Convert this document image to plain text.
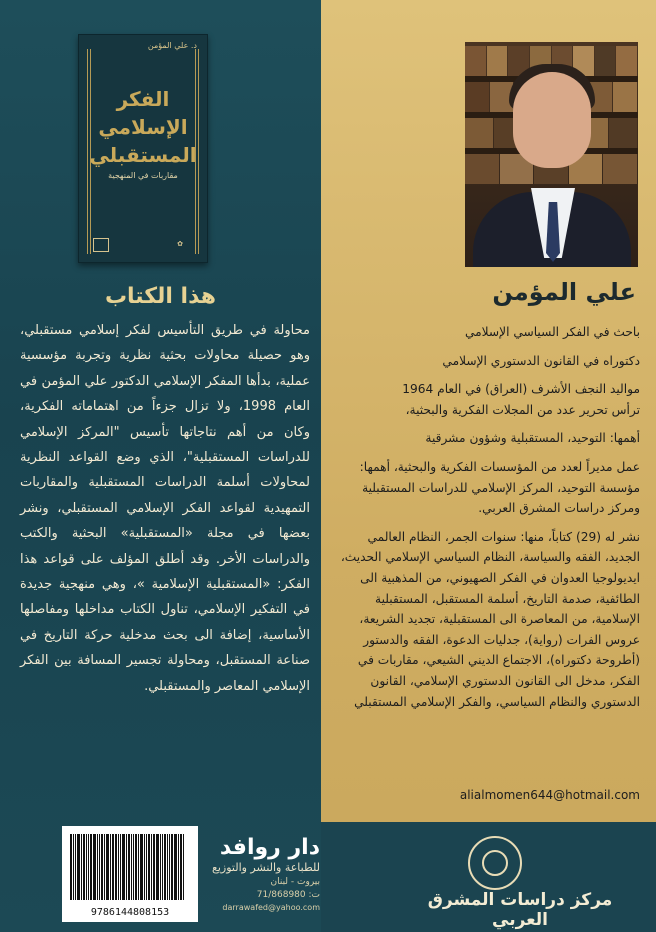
د. علي المؤمن
الفكر
الإسلامي
المستقبلي
مقاربات في المنهجية
✿
هذا الكتاب

محاولة في طريق التأسيس لفكر إسلامي مستقبلي، وهو حصيلة محاولات بحثية نظرية وتجربة مؤسسية عملية، بدأها المفكر الإسلامي الدكتور علي المؤمن في العام 1998، ولا تزال جزءاً من اهتماماته الفكرية، وكان من أهم نتاجاتها تأسيس "المركز الإسلامي للدراسات المستقبلية"، الذي وضع القواعد النظرية لمحاولات أسلمة الدراسات المستقبلية والمقاربات التمهيدية لقواعد الفكر الإسلامي المستقبلي، ونشر بعضها في مجلة «المستقبلية» البحثية والكتب والدراسات الأخر. وقد أطلق المؤلف على قواعد هذا الفكر: «المستقبلية الإسلامية »، وهي منهجية جديدة في التفكير الإسلامي، تناول الكتاب مداخلها ومفاصلها الأساسية، إضافة الى بحث مدخلية حركة التاريخ في صناعة المستقبل، ومحاولة تجسير المسافة بين الفكر الإسلامي المعاصر والمستقبلي.

9786144808153
دار روافد
للطباعة والنشر والتوزيع
بيروت - لبنان
ت: 71/868980
darrawafed@yahoo.com
علي المؤمن

باحث في الفكر السياسي الإسلامي

دكتوراه في القانون الدستوري الإسلامي

مواليد النجف الأشرف (العراق) في العام 1964

ترأس تحرير عدد من المجلات الفكرية والبحثية،

أهمها: التوحيد، المستقبلية وشؤون مشرقية

عمل مديراً لعدد من المؤسسات الفكرية والبحثية، أهمها: مؤسسة التوحيد، المركز الإسلامي للدراسات المستقبلية ومركز دراسات المشرق العربي.

نشر له (29) كتاباً، منها: سنوات الجمر، النظام العالمي الجديد، الفقه والسياسة، النظام السياسي الإسلامي الحديث، ايديولوجيا العدوان في الفكر الصهيوني، من المذهبية الى الطائفية، صدمة التاريخ، أسلمة المستقبل، المستقبلية الإسلامية، من المعاصرة الى المستقبلية، تجديد الشريعة، عروس الفرات (رواية)، جدليات الدعوة، الفقه والدستور (أطروحة دكتوراه)، الاجتماع الديني الشيعي، مقاربات في الفكر، مدخل الى القانون الدستوري الإسلامي، القانون الدستوري والنظام السياسي، والفكر الإسلامي المستقبلي

alialmomen644@hotmail.com
مركز دراسات المشرق العربي
